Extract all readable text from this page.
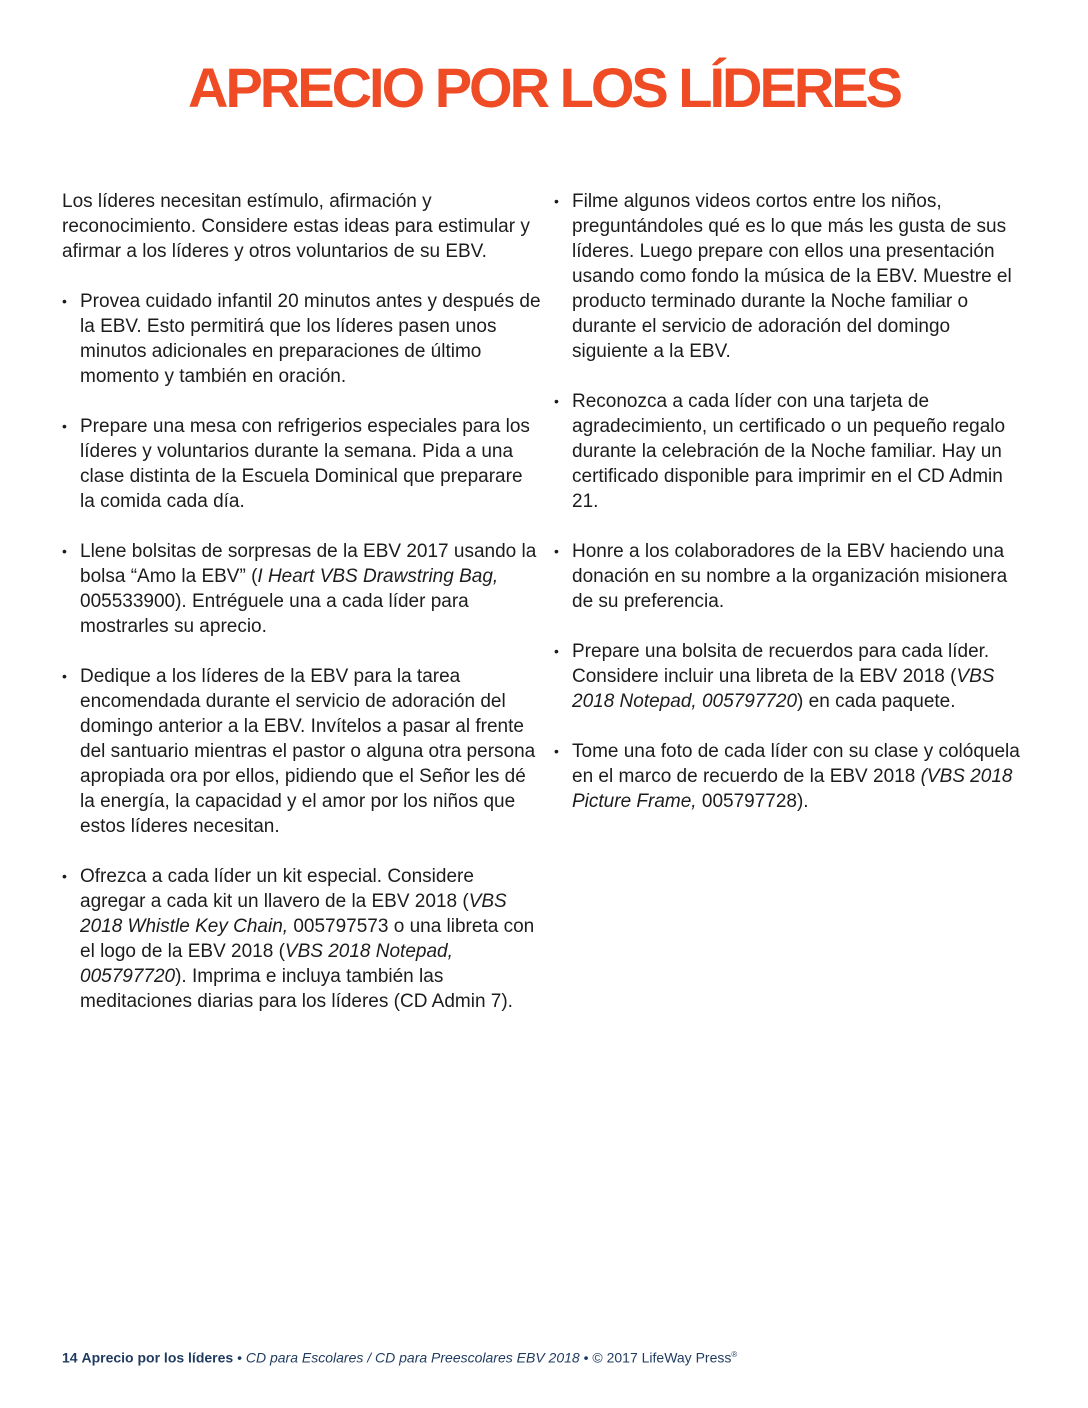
APRECIO POR LOS LÍDERES

Los líderes necesitan estímulo, afirmación y reconocimiento. Considere estas ideas para estimular y afirmar a los líderes y otros voluntarios de su EBV.

• Provea cuidado infantil 20 minutos antes y después de la EBV. Esto permitirá que los líderes pasen unos minutos adicionales en preparaciones de último momento y también en oración.
• Prepare una mesa con refrigerios especiales para los líderes y voluntarios durante la semana. Pida a una clase distinta de la Escuela Dominical que preparare la comida cada día.
• Llene bolsitas de sorpresas de la EBV 2017 usando la bolsa “Amo la EBV” (I Heart VBS Drawstring Bag, 005533900). Entréguele una a cada líder para mostrarles su aprecio.
• Dedique a los líderes de la EBV para la tarea encomendada durante el servicio de adoración del domingo anterior a la EBV. Invítelos a pasar al frente del santuario mientras el pastor o alguna otra persona apropiada ora por ellos, pidiendo que el Señor les dé la energía, la capacidad y el amor por los niños que estos líderes necesitan.
• Ofrezca a cada líder un kit especial. Considere agregar a cada kit un llavero de la EBV 2018 (VBS 2018 Whistle Key Chain, 005797573 o una libreta con el logo de la EBV 2018 (VBS 2018 Notepad, 005797720). Imprima e incluya también las meditaciones diarias para los líderes (CD Admin 7).
• Filme algunos videos cortos entre los niños, preguntándoles qué es lo que más les gusta de sus líderes. Luego prepare con ellos una presentación usando como fondo la música de la EBV. Muestre el producto terminado durante la Noche familiar o durante el servicio de adoración del domingo siguiente a la EBV.
• Reconozca a cada líder con una tarjeta de agradecimiento, un certificado o un pequeño regalo durante la celebración de la Noche familiar. Hay un certificado disponible para imprimir en el CD Admin 21.
• Honre a los colaboradores de la EBV haciendo una donación en su nombre a la organización misionera de su preferencia.
• Prepare una bolsita de recuerdos para cada líder. Considere incluir una libreta de la EBV 2018 (VBS 2018 Notepad, 005797720) en cada paquete.
• Tome una foto de cada líder con su clase y colóquela en el marco de recuerdo de la EBV 2018 (VBS 2018 Picture Frame, 005797728).
14 Aprecio por los líderes • CD para Escolares / CD para Preescolares EBV 2018 • © 2017 LifeWay Press®
